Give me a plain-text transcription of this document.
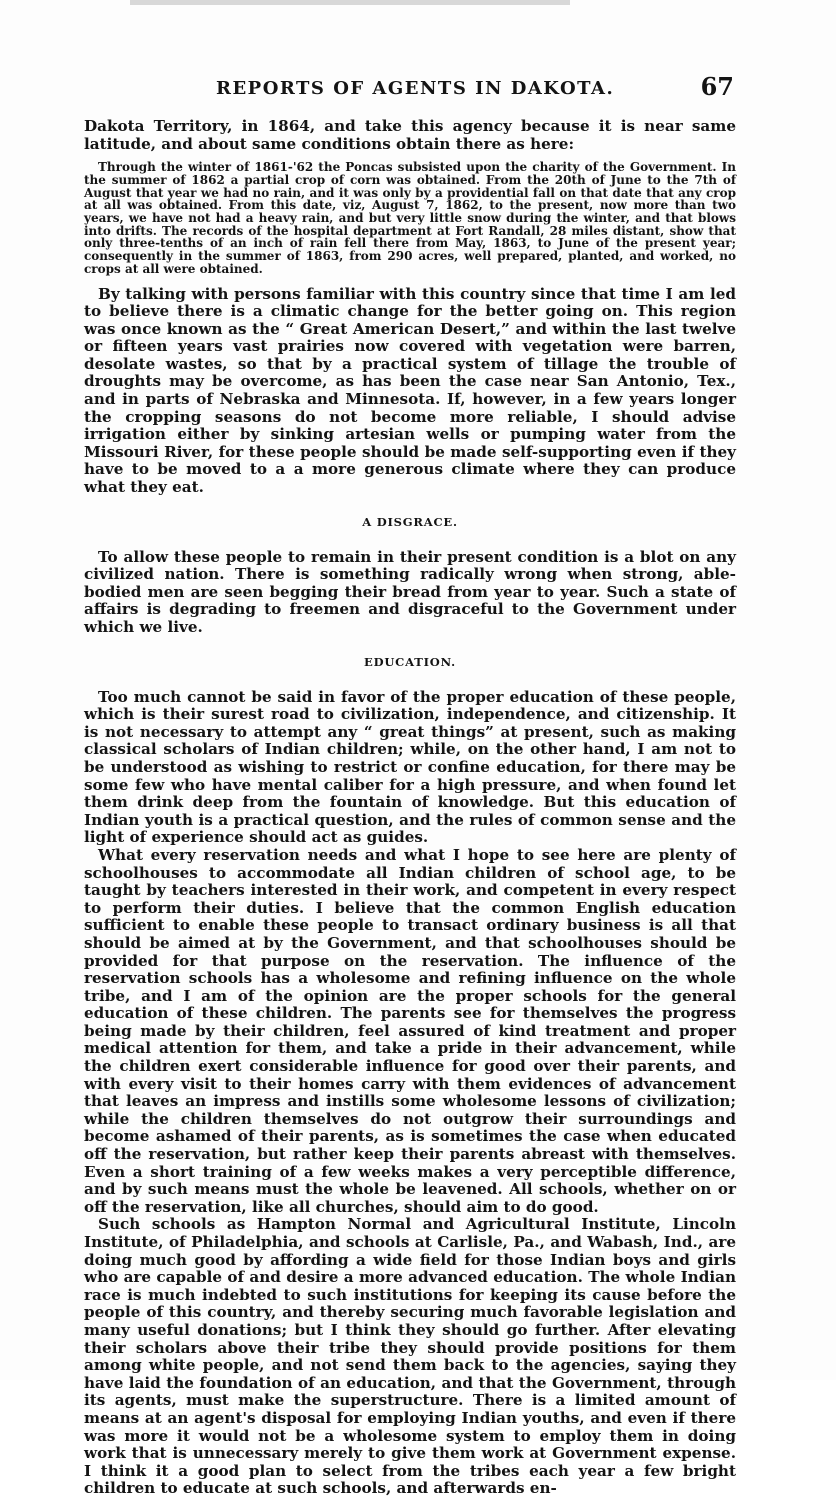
REPORTS OF AGENTS IN DAKOTA.	67

Dakota Territory, in 1864, and take this agency because it is near same latitude, and about same conditions obtain there as here:

Through the winter of 1861-'62 the Poncas subsisted upon the charity of the Government. In the summer of 1862 a partial crop of corn was obtained. From the 20th of June to the 7th of August that year we had no rain, and it was only by a providential fall on that date that any crop at all was obtained. From this date, viz, August 7, 1862, to the present, now more than two years, we have not had a heavy rain, and but very little snow during the winter, and that blows into drifts. The records of the hospital department at Fort Randall, 28 miles distant, show that only three-tenths of an inch of rain fell there from May, 1863, to June of the present year; consequently in the summer of 1863, from 290 acres, well prepared, planted, and worked, no crops at all were obtained.

By talking with persons familiar with this country since that time I am led to believe there is a climatic change for the better going on. This region was once known as the “ Great American Desert,” and within the last twelve or fifteen years vast prairies now covered with vegetation were barren, desolate wastes, so that by a practical system of tillage the trouble of droughts may be overcome, as has been the case near San Antonio, Tex., and in parts of Nebraska and Minnesota. If, however, in a few years longer the cropping seasons do not become more reliable, I should advise irrigation either by sinking artesian wells or pumping water from the Missouri River, for these people should be made self-supporting even if they have to be moved to a a more generous climate where they can produce what they eat.

A DISGRACE.

To allow these people to remain in their present condition is a blot on any civilized nation. There is something radically wrong when strong, able-bodied men are seen begging their bread from year to year. Such a state of affairs is degrading to freemen and disgraceful to the Government under which we live.

EDUCATION.

Too much cannot be said in favor of the proper education of these people, which is their surest road to civilization, independence, and citizenship. It is not necessary to attempt any “ great things” at present, such as making classical scholars of Indian children; while, on the other hand, I am not to be understood as wishing to restrict or confine education, for there may be some few who have mental caliber for a high pressure, and when found let them drink deep from the fountain of knowledge. But this education of Indian youth is a practical question, and the rules of common sense and the light of experience should act as guides.

What every reservation needs and what I hope to see here are plenty of schoolhouses to accommodate all Indian children of school age, to be taught by teachers interested in their work, and competent in every respect to perform their duties. I believe that the common English education sufficient to enable these people to transact ordinary business is all that should be aimed at by the Government, and that schoolhouses should be provided for that purpose on the reservation. The influence of the reservation schools has a wholesome and refining influence on the whole tribe, and I am of the opinion are the proper schools for the general education of these children. The parents see for themselves the progress being made by their children, feel assured of kind treatment and proper medical attention for them, and take a pride in their advancement, while the children exert considerable influence for good over their parents, and with every visit to their homes carry with them evidences of advancement that leaves an impress and instills some wholesome lessons of civilization; while the children themselves do not outgrow their surroundings and become ashamed of their parents, as is sometimes the case when educated off the reservation, but rather keep their parents abreast with themselves. Even a short training of a few weeks makes a very perceptible difference, and by such means must the whole be leavened. All schools, whether on or off the reservation, like all churches, should aim to do good.

Such schools as Hampton Normal and Agricultural Institute, Lincoln Institute, of Philadelphia, and schools at Carlisle, Pa., and Wabash, Ind., are doing much good by affording a wide field for those Indian boys and girls who are capable of and desire a more advanced education. The whole Indian race is much indebted to such institutions for keeping its cause before the people of this country, and thereby securing much favorable legislation and many useful donations; but I think they should go further. After elevating their scholars above their tribe they should provide positions for them among white people, and not send them back to the agencies, saying they have laid the foundation of an education, and that the Government, through its agents, must make the superstructure. There is a limited amount of means at an agent's disposal for employing Indian youths, and even if there was more it would not be a wholesome system to employ them in doing work that is unnecessary merely to give them work at Government expense. I think it a good plan to select from the tribes each year a few bright children to educate at such schools, and afterwards en-
